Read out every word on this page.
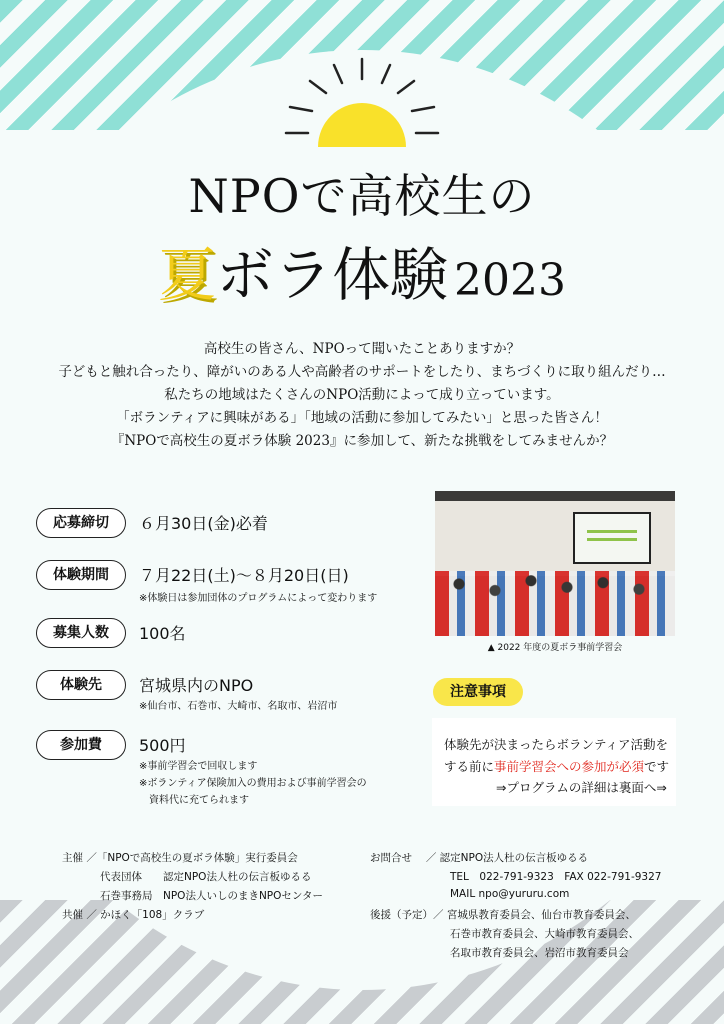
NPOで高校生の
夏ボラ体験 2023
高校生の皆さん、NPOって聞いたことありますか？
子どもと触れ合ったり、障がいのある人や高齢者のサポートをしたり、まちづくりに取り組んだり…
私たちの地域はたくさんのNPO活動によって成り立っています。
「ボランティアに興味がある」「地域の活動に参加してみたい」と思った皆さん！
『NPOで高校生の夏ボラ体験 2023』に参加して、新たな挑戦をしてみませんか？
応募締切	６月30日(金)必着
体験期間	７月22日(土)～８月20日(日)
※体験日は参加団体のプログラムによって変わります
募集人数	100名
体験先	宮城県内のNPO
※仙台市、石巻市、大崎市、名取市、岩沼市
参加費	500円
※事前学習会で回収します
※ボランティア保険加入の費用および事前学習会の
資料代に充てられます
▲ 2022 年度の夏ボラ事前学習会
注意事項
体験先が決まったらボランティア活動を
する前に事前学習会への参加が必須です
⇒プログラムの詳細は裏面へ⇒
主催 ／「NPOで高校生の夏ボラ体験」実行委員会
代表団体　　認定NPO法人杜の伝言板ゆるる
石巻事務局　NPO法人いしのまきNPOセンター
共催 ／ かほく「108」クラブ
お問合せ　 ／ 認定NPO法人杜の伝言板ゆるる
TEL　022-791-9323　FAX 022-791-9327
MAIL npo@yururu.com
後援（予定）／ 宮城県教育委員会、仙台市教育委員会、
石巻市教育委員会、大崎市教育委員会、
名取市教育委員会、岩沼市教育委員会
